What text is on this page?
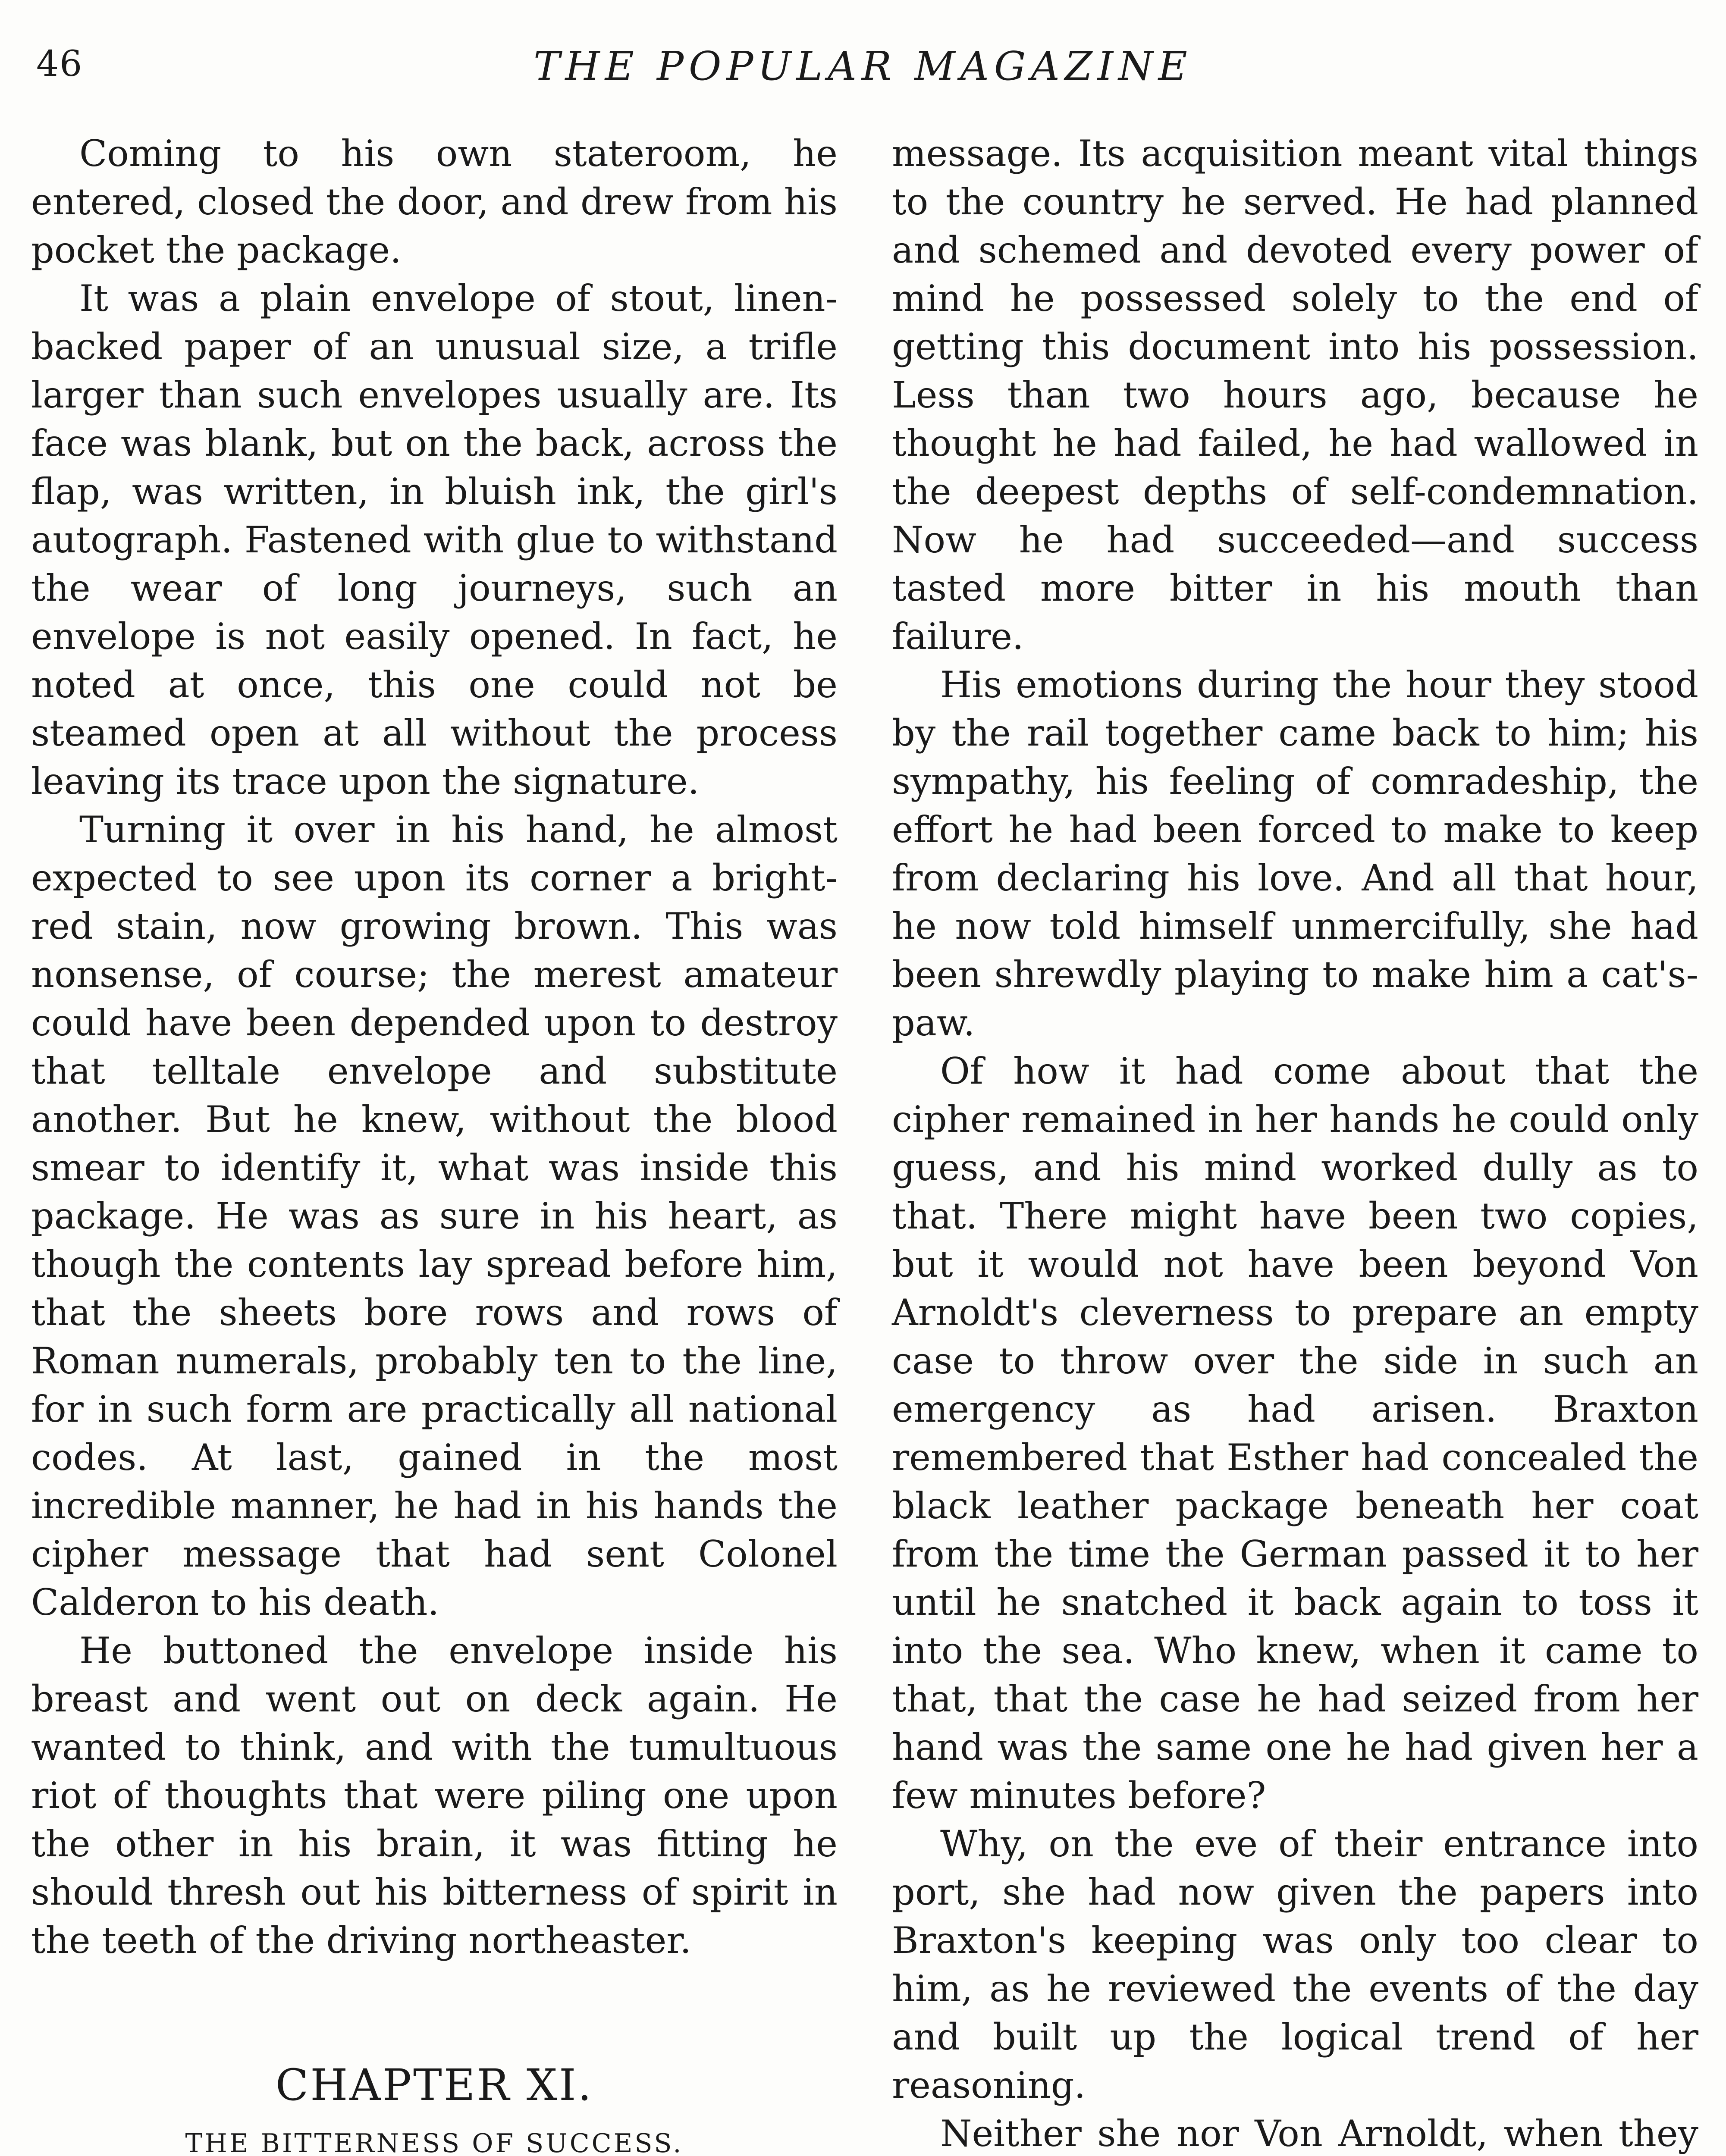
46	THE POPULAR MAGAZINE

Coming to his own stateroom, he entered, closed the door, and drew from his pocket the package.

It was a plain envelope of stout, linen-backed paper of an unusual size, a trifle larger than such envelopes usually are. Its face was blank, but on the back, across the flap, was written, in bluish ink, the girl's autograph. Fastened with glue to withstand the wear of long journeys, such an envelope is not easily opened. In fact, he noted at once, this one could not be steamed open at all without the process leaving its trace upon the signature.

Turning it over in his hand, he almost expected to see upon its corner a bright-red stain, now growing brown. This was nonsense, of course; the merest amateur could have been depended upon to destroy that telltale envelope and substitute another. But he knew, without the blood smear to identify it, what was inside this package. He was as sure in his heart, as though the contents lay spread before him, that the sheets bore rows and rows of Roman numerals, probably ten to the line, for in such form are practically all national codes. At last, gained in the most incredible manner, he had in his hands the cipher message that had sent Colonel Calderon to his death.

He buttoned the envelope inside his breast and went out on deck again. He wanted to think, and with the tumultuous riot of thoughts that were piling one upon the other in his brain, it was fitting he should thresh out his bitterness of spirit in the teeth of the driving northeaster.

CHAPTER XI.
THE BITTERNESS OF SUCCESS.

message. Its acquisition meant vital things to the country he served. He had planned and schemed and devoted every power of mind he possessed solely to the end of getting this document into his possession. Less than two hours ago, because he thought he had failed, he had wallowed in the deepest depths of self-condemnation. Now he had succeeded—and success tasted more bitter in his mouth than failure.

His emotions during the hour they stood by the rail together came back to him; his sympathy, his feeling of comradeship, the effort he had been forced to make to keep from declaring his love. And all that hour, he now told himself unmercifully, she had been shrewdly playing to make him a cat's-paw.

Of how it had come about that the cipher remained in her hands he could only guess, and his mind worked dully as to that. There might have been two copies, but it would not have been beyond Von Arnoldt's cleverness to prepare an empty case to throw over the side in such an emergency as had arisen. Braxton remembered that Esther had concealed the black leather package beneath her coat from the time the German passed it to her until he snatched it back again to toss it into the sea. Who knew, when it came to that, that the case he had seized from her hand was the same one he had given her a few minutes before?

Why, on the eve of their entrance into port, she had now given the papers into Braxton's keeping was only too clear to him, as he reviewed the events of the day and built up the logical trend of her reasoning.

Neither she nor Von Arnoldt, when they
